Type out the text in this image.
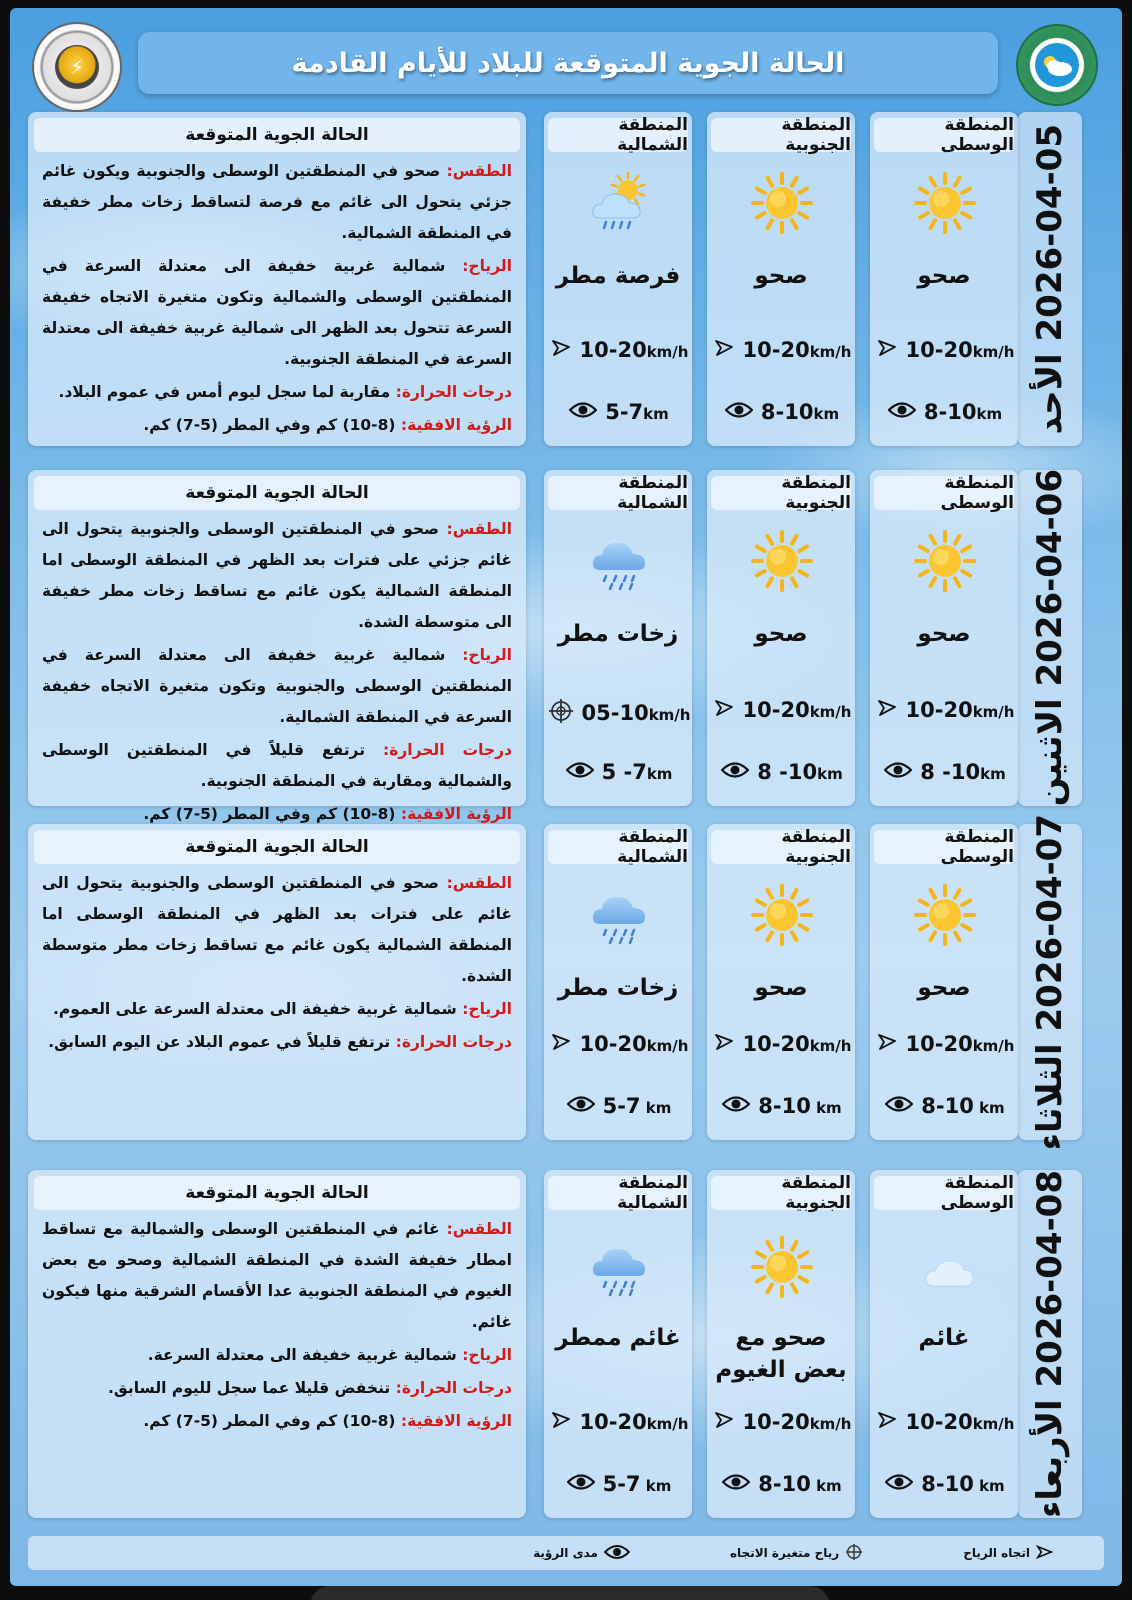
⚡	الحالة الجوية المتوقعة للبلاد للأيام القادمة
2026-04-05 الأحد
المنطقة الوسطى
صحو
10-20km/h
8-10km
المنطقة الجنوبية
صحو
10-20km/h
8-10km
المنطقة الشمالية
فرصة مطر
10-20km/h
5-7km
الحالة الجوية المتوقعة

الطقس: صحو في المنطقتين الوسطى والجنوبية ويكون غائم جزئي يتحول الى غائم مع فرصة لتساقط زخات مطر خفيفة في المنطقة الشمالية.

الرياح: شمالية غربية خفيفة الى معتدلة السرعة في المنطقتين الوسطى والشمالية وتكون متغيرة الاتجاه خفيفة السرعة تتحول بعد الظهر الى شمالية غربية خفيفة الى معتدلة السرعة في المنطقة الجنوبية.

درجات الحرارة: مقاربة لما سجل ليوم أمس في عموم البلاد.

الرؤية الافقية: (8-10) كم وفي المطر (5-7) كم.

2026-04-06 الاثنين
المنطقة الوسطى
صحو
10-20km/h
8 -10km
المنطقة الجنوبية
صحو
10-20km/h
8 -10km
المنطقة الشمالية
زخات مطر
05-10km/h
5 -7km
الحالة الجوية المتوقعة

الطقس: صحو في المنطقتين الوسطى والجنوبية يتحول الى غائم جزئي على فترات بعد الظهر في المنطقة الوسطى اما المنطقة الشمالية يكون غائم مع تساقط زخات مطر خفيفة الى متوسطة الشدة.

الرياح: شمالية غربية خفيفة الى معتدلة السرعة في المنطقتين الوسطى والجنوبية وتكون متغيرة الاتجاه خفيفة السرعة في المنطقة الشمالية.

درجات الحرارة: ترتفع قليلاً في المنطقتين الوسطى والشمالية ومقاربة في المنطقة الجنوبية.

الرؤية الافقية: (8-10) كم وفي المطر (5-7) كم.	2026-04-07 الثلاثاء
المنطقة الوسطى
صحو
10-20km/h
8-10 km
المنطقة الجنوبية
صحو
10-20km/h
8-10 km
المنطقة الشمالية
زخات مطر
10-20km/h
5-7 km
الحالة الجوية المتوقعة

الطقس: صحو في المنطقتين الوسطى والجنوبية يتحول الى غائم على فترات بعد الظهر في المنطقة الوسطى اما المنطقة الشمالية يكون غائم مع تساقط زخات مطر متوسطة الشدة.

الرياح: شمالية غربية خفيفة الى معتدلة السرعة على العموم.

درجات الحرارة: ترتفع قليلاً في عموم البلاد عن اليوم السابق.

2026-04-08 الأربعاء
المنطقة الوسطى
غائم
10-20km/h
8-10 km
المنطقة الجنوبية
صحو مع بعض الغيوم
10-20km/h
8-10 km
المنطقة الشمالية
غائم ممطر
10-20km/h
5-7 km
الحالة الجوية المتوقعة

الطقس: غائم في المنطقتين الوسطى والشمالية مع تساقط امطار خفيفة الشدة في المنطقة الشمالية وصحو مع بعض الغيوم في المنطقة الجنوبية عدا الأقسام الشرقية منها فيكون غائم.

الرياح: شمالية غربية خفيفة الى معتدلة السرعة.

درجات الحرارة: تنخفض قليلا عما سجل لليوم السابق.

الرؤية الافقية: (8-10) كم وفي المطر (5-7) كم.

اتجاه الرياح
رياح متغيرة الاتجاه
مدى الرؤية
